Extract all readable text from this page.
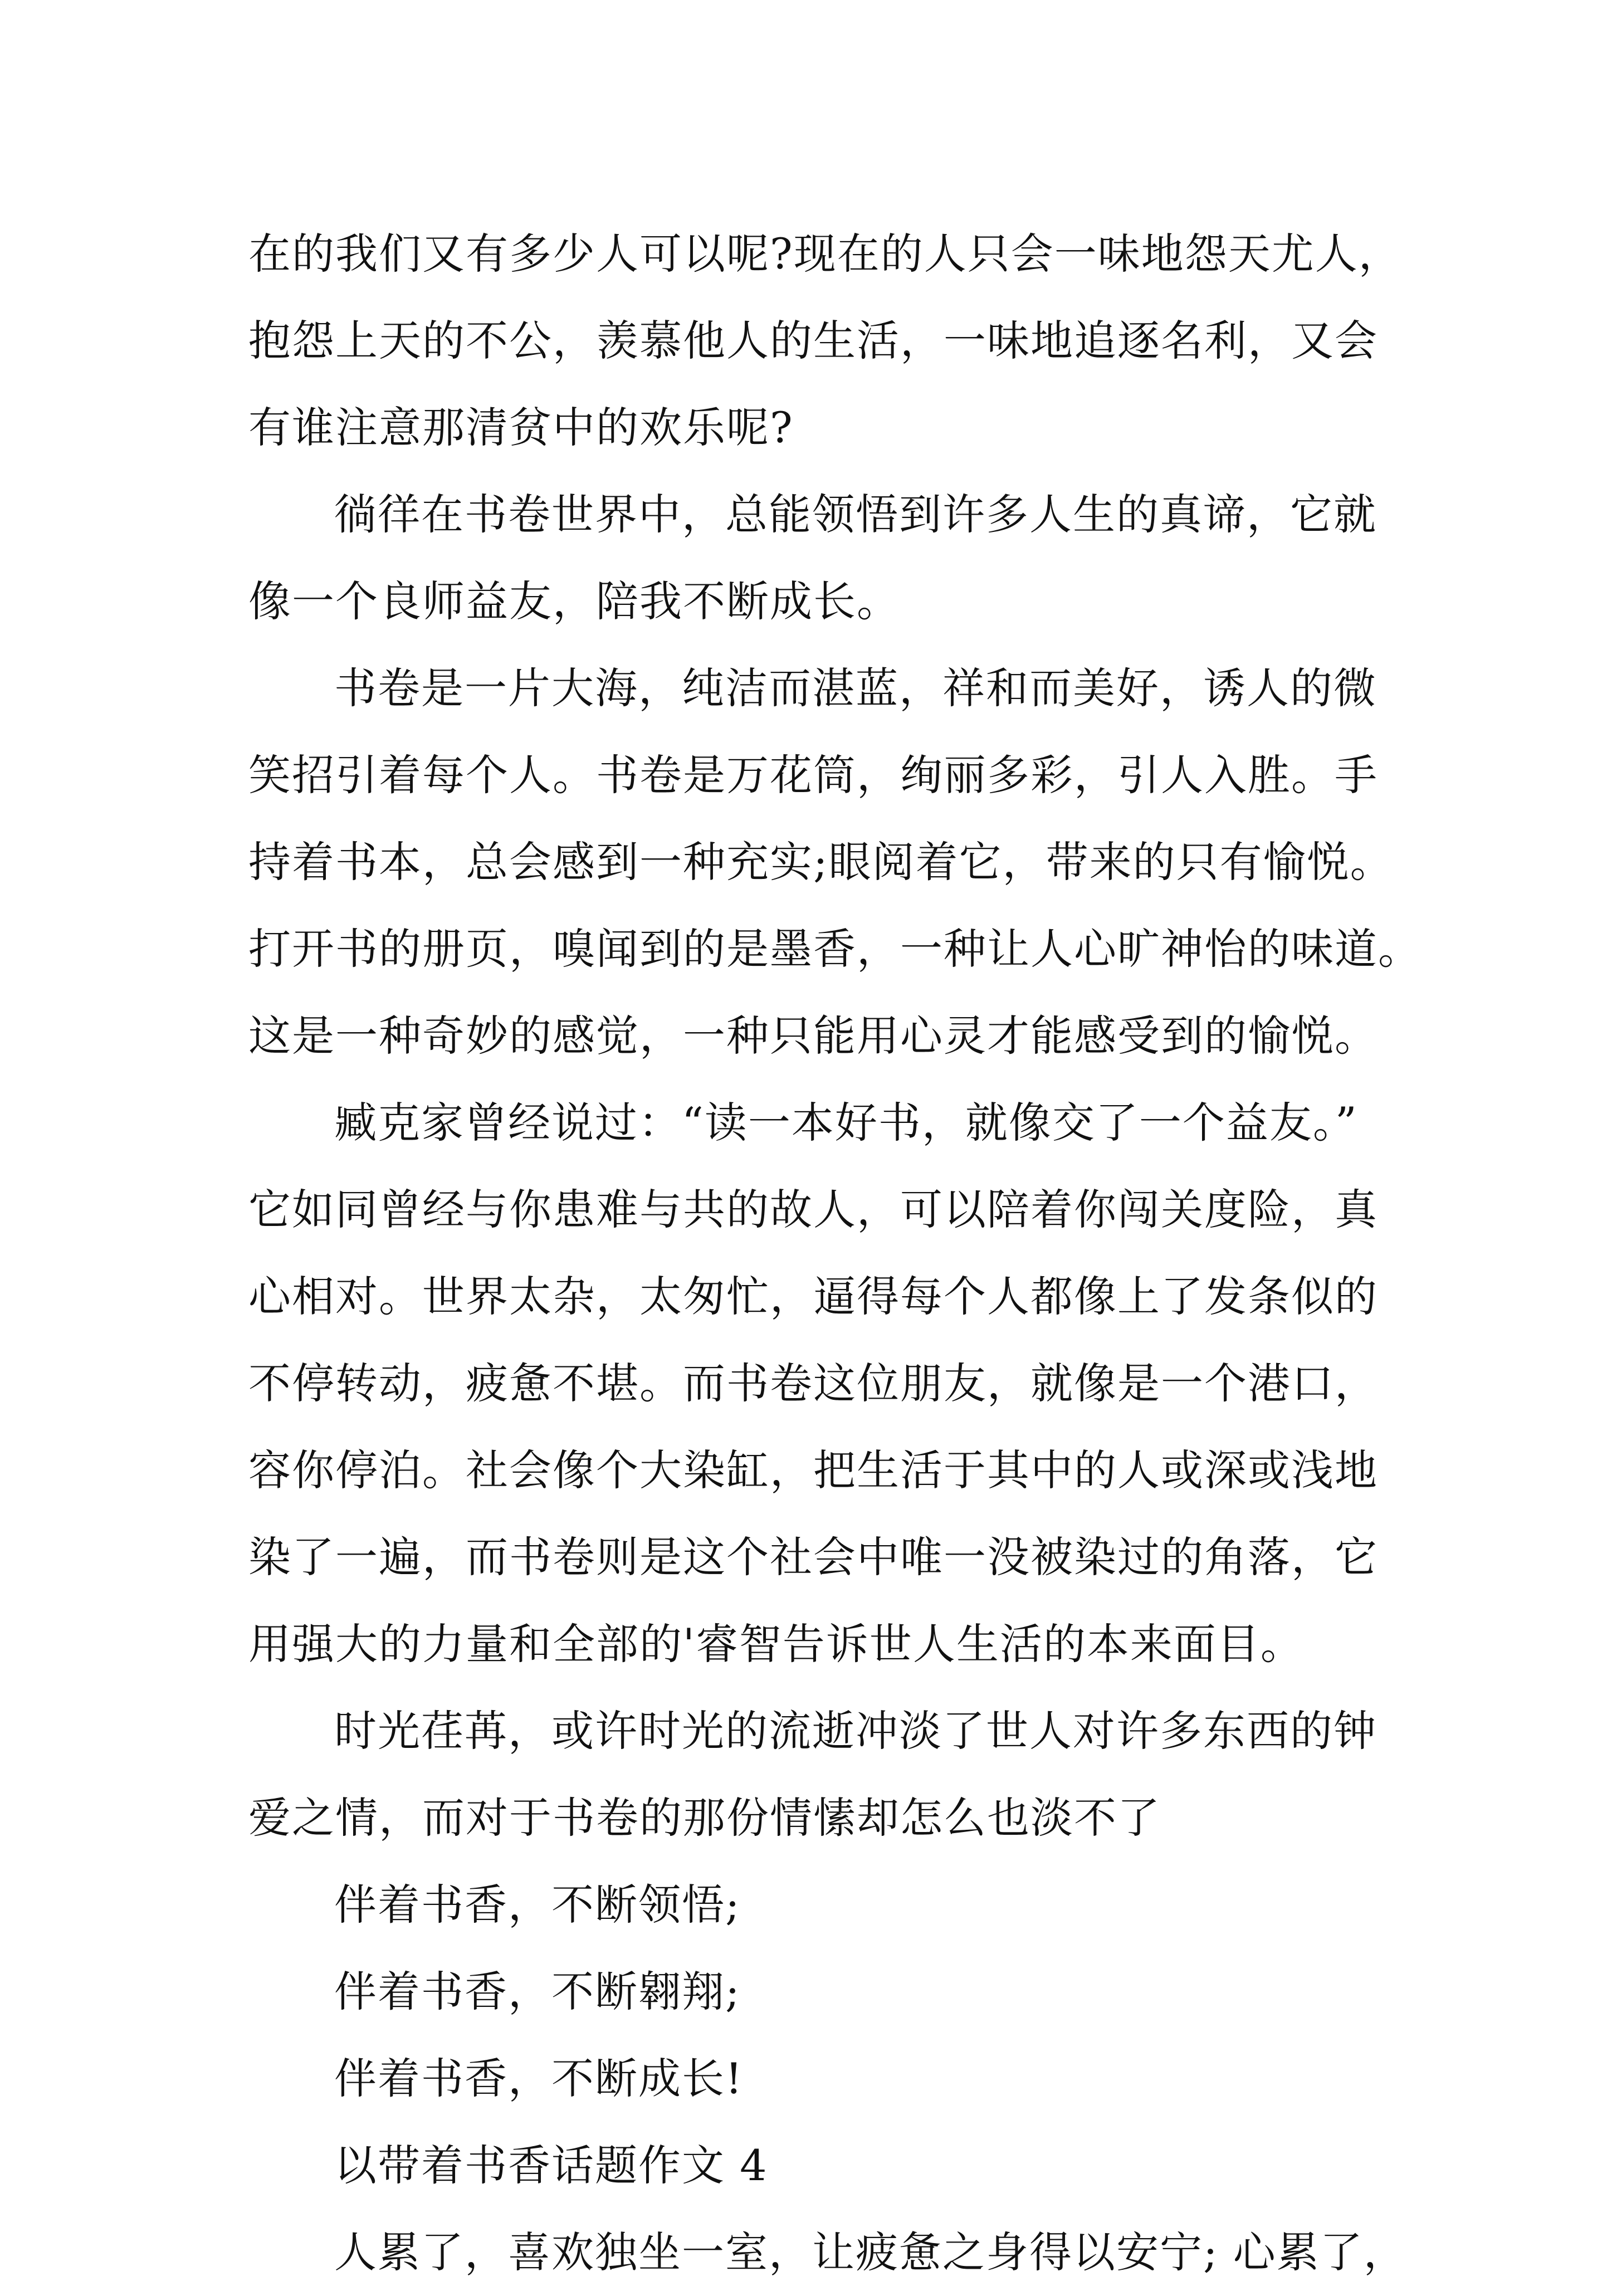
在的我们又有多少人可以呢?现在的人只会一味地怨天尤人，
抱怨上天的不公，羡慕他人的生活，一味地追逐名利，又会
有谁注意那清贫中的欢乐呢?
徜徉在书卷世界中，总能领悟到许多人生的真谛，它就
像一个良师益友，陪我不断成长。
书卷是一片大海，纯洁而湛蓝，祥和而美好，诱人的微
笑招引着每个人。书卷是万花筒，绚丽多彩，引人入胜。手
持着书本，总会感到一种充实;眼阅着它，带来的只有愉悦。
打开书的册页，嗅闻到的是墨香，一种让人心旷神怡的味道。
这是一种奇妙的感觉，一种只能用心灵才能感受到的愉悦。
臧克家曾经说过：“读一本好书，就像交了一个益友。”
它如同曾经与你患难与共的故人，可以陪着你闯关度险，真
心相对。世界太杂，太匆忙，逼得每个人都像上了发条似的
不停转动，疲惫不堪。而书卷这位朋友，就像是一个港口，
容你停泊。社会像个大染缸，把生活于其中的人或深或浅地
染了一遍，而书卷则是这个社会中唯一没被染过的角落，它
用强大的力量和全部的'睿智告诉世人生活的本来面目。
时光荏苒，或许时光的流逝冲淡了世人对许多东西的钟
爱之情，而对于书卷的那份情愫却怎么也淡不了
伴着书香，不断领悟;
伴着书香，不断翱翔;
伴着书香，不断成长!
以带着书香话题作文 4
人累了，喜欢独坐一室，让疲惫之身得以安宁; 心累了，
